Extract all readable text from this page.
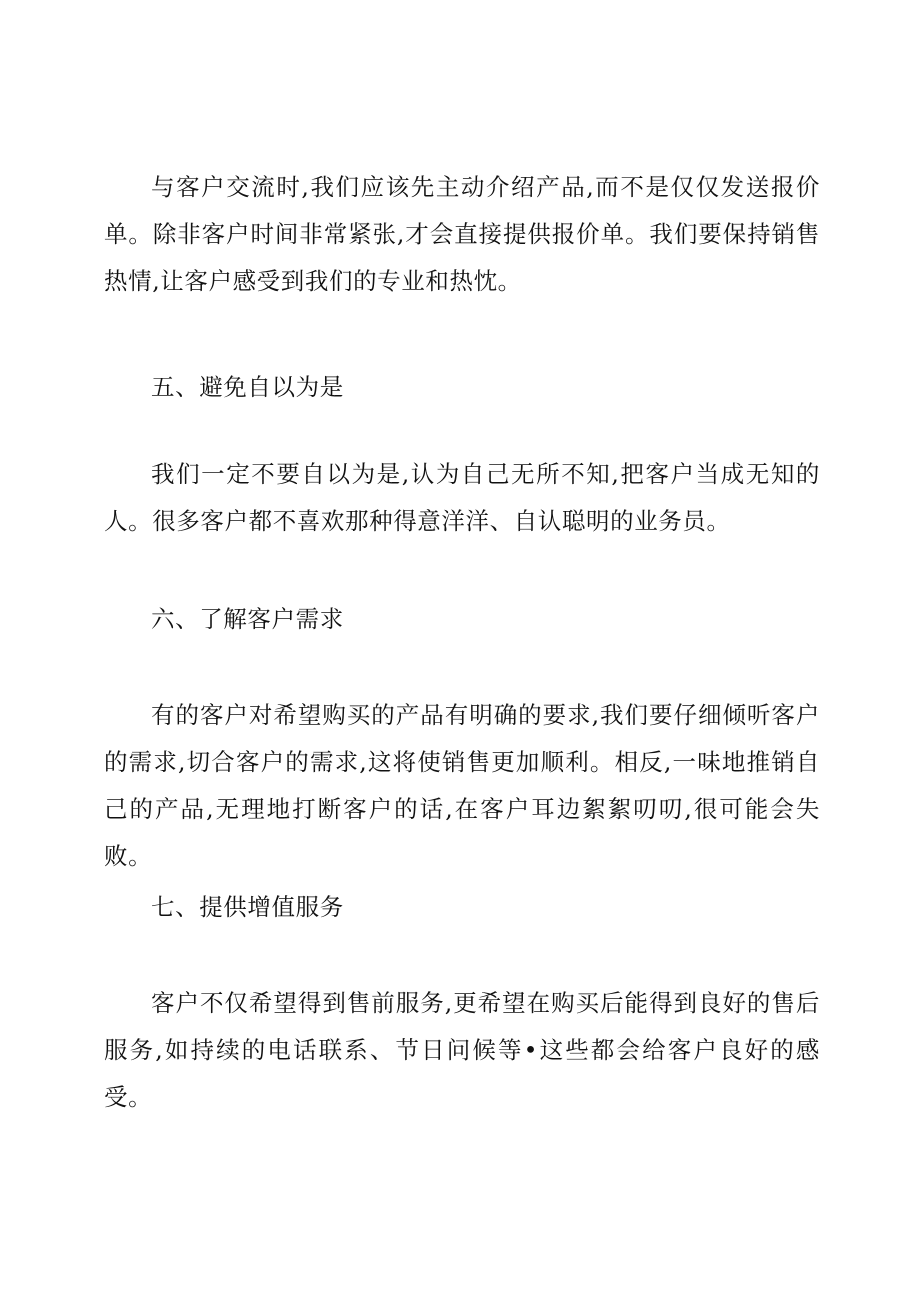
与客户交流时,我们应该先主动介绍产品,而不是仅仅发送报价单。除非客户时间非常紧张,才会直接提供报价单。我们要保持销售热情,让客户感受到我们的专业和热忱。

五、避免自以为是

我们一定不要自以为是,认为自己无所不知,把客户当成无知的人。很多客户都不喜欢那种得意洋洋、自认聪明的业务员。

六、了解客户需求

有的客户对希望购买的产品有明确的要求,我们要仔细倾听客户的需求,切合客户的需求,这将使销售更加顺利。相反,一味地推销自己的产品,无理地打断客户的话,在客户耳边絮絮叨叨,很可能会失败。

七、提供增值服务

客户不仅希望得到售前服务,更希望在购买后能得到良好的售后服务,如持续的电话联系、节日问候等•这些都会给客户良好的感受。
